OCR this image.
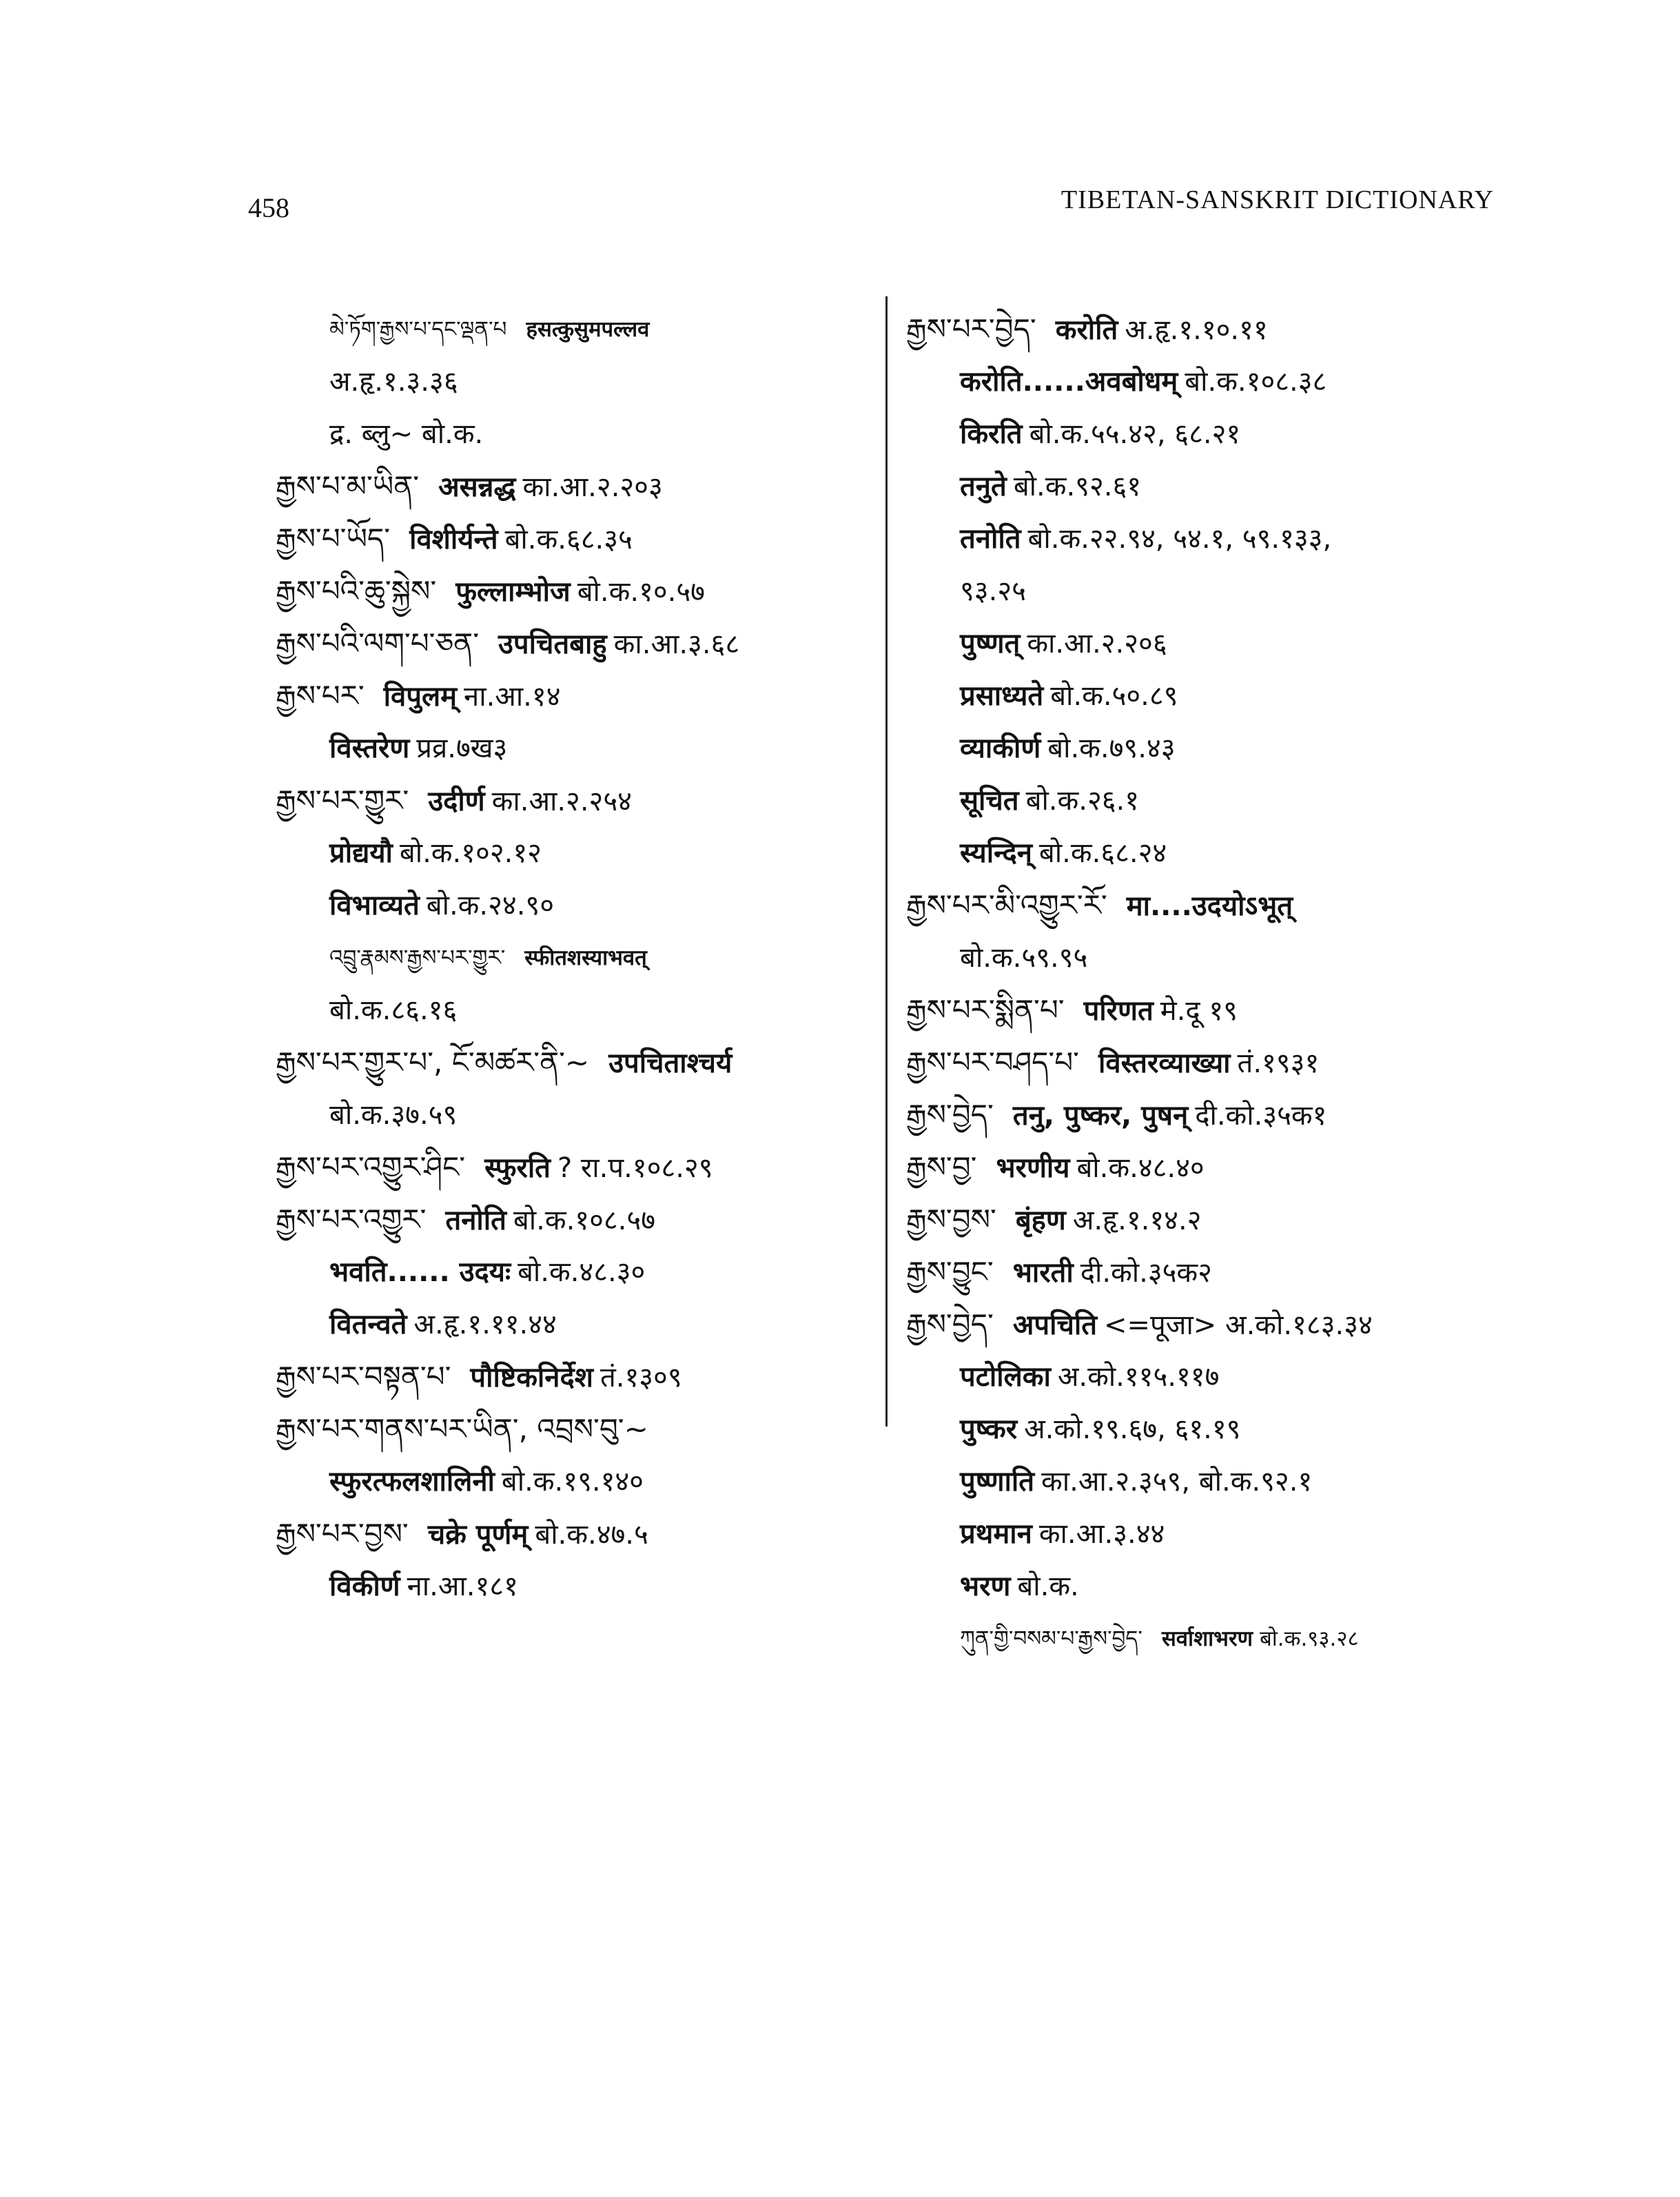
458	TIBETAN-SANSKRIT DICTIONARY
མེ་ཏོག་རྒྱས་པ་དང་ལྡན་པ हसत्कुसुमपल्लव
अ.हृ.१.३.३६
द्र. ब्लु~ बो.क.
རྒྱས་པ་མ་ཡིན་ असन्नद्ध का.आ.२.२०३
རྒྱས་པ་ཡོད་ विशीर्यन्ते बो.क.६८.३५
རྒྱས་པའི་ཆུ་སྐྱེས་ फुल्लाम्भोज बो.क.१०.५७
རྒྱས་པའི་ལག་པ་ཅན་ उपचितबाहु का.आ.३.६८
རྒྱས་པར་ विपुलम् ना.आ.१४
विस्तरेण प्रव्र.७ख३
རྒྱས་པར་གྱུར་ उदीर्ण का.आ.२.२५४
प्रोद्ययौ बो.क.१०२.१२
विभाव्यते बो.क.२४.९०
འབྲུ་རྣམས་རྒྱས་པར་གྱུར་ स्फीतशस्याभवत्
बो.क.८६.१६
རྒྱས་པར་གྱུར་པ་, ངོ་མཚར་ནི་~ उपचिताश्चर्य
बो.क.३७.५९
རྒྱས་པར་འགྱུར་ཤིང་ स्फुरति ? रा.प.१०८.२९
རྒྱས་པར་འགྱུར་ तनोति बो.क.१०८.५७
भवति...... उदयः बो.क.४८.३०
वितन्वते अ.हृ.१.११.४४
རྒྱས་པར་བསྟན་པ་ पौष्टिकनिर्देश तं.१३०९
རྒྱས་པར་གནས་པར་ཡིན་, འབྲས་བུ་~
स्फुरत्फलशालिनी बो.क.१९.१४०
རྒྱས་པར་བྱས་ चक्रे पूर्णम् बो.क.४७.५
विकीर्ण ना.आ.१८१
རྒྱས་པར་བྱེད་ करोति अ.हृ.१.१०.११
करोति......अवबोधम् बो.क.१०८.३८
किरति बो.क.५५.४२, ६८.२१
तनुते बो.क.९२.६१
तनोति बो.क.२२.९४, ५४.१, ५९.१३३,
९३.२५
पुष्णत् का.आ.२.२०६
प्रसाध्यते बो.क.५०.८९
व्याकीर्ण बो.क.७९.४३
सूचित बो.क.२६.१
स्यन्दिन् बो.क.६८.२४
རྒྱས་པར་མི་འགྱུར་རོ་ मा....उदयोऽभूत्
बो.क.५९.९५
རྒྱས་པར་སྨིན་པ་ परिणत मे.दू १९
རྒྱས་པར་བཤད་པ་ विस्तरव्याख्या तं.१९३१
རྒྱས་བྱེད་ तनु, पुष्कर, पुषन् दी.को.३५क१
རྒྱས་བྱ་ भरणीय बो.क.४८.४०
རྒྱས་བྱས་ बृंहण अ.हृ.१.१४.२
རྒྱས་བྱུང་ भारती दी.को.३५क२
རྒྱས་བྱེད་ अपचिति <=पूजा> अ.को.१८३.३४
पटोलिका अ.को.११५.११७
पुष्कर अ.को.१९.६७, ६१.१९
पुष्णाति का.आ.२.३५९, बो.क.९२.१
प्रथमान का.आ.३.४४
भरण बो.क.
ཀུན་གྱི་བསམ་པ་རྒྱས་བྱེད་ सर्वाशाभरण बो.क.९३.२८
